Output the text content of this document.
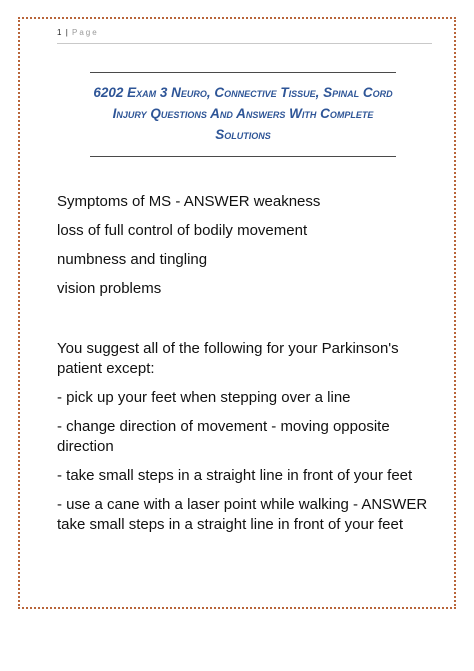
1 | Page
6202 Exam 3 Neuro, Connective Tissue, Spinal Cord Injury Questions And Answers With Complete Solutions

Symptoms of MS - ANSWER weakness

loss of full control of bodily movement

numbness and tingling

vision problems

You suggest all of the following for your Parkinson's patient except:

- pick up your feet when stepping over a line

- change direction of movement - moving opposite direction

- take small steps in a straight line in front of your feet

- use a cane with a laser point while walking - ANSWER take small steps in a straight line in front of your feet
